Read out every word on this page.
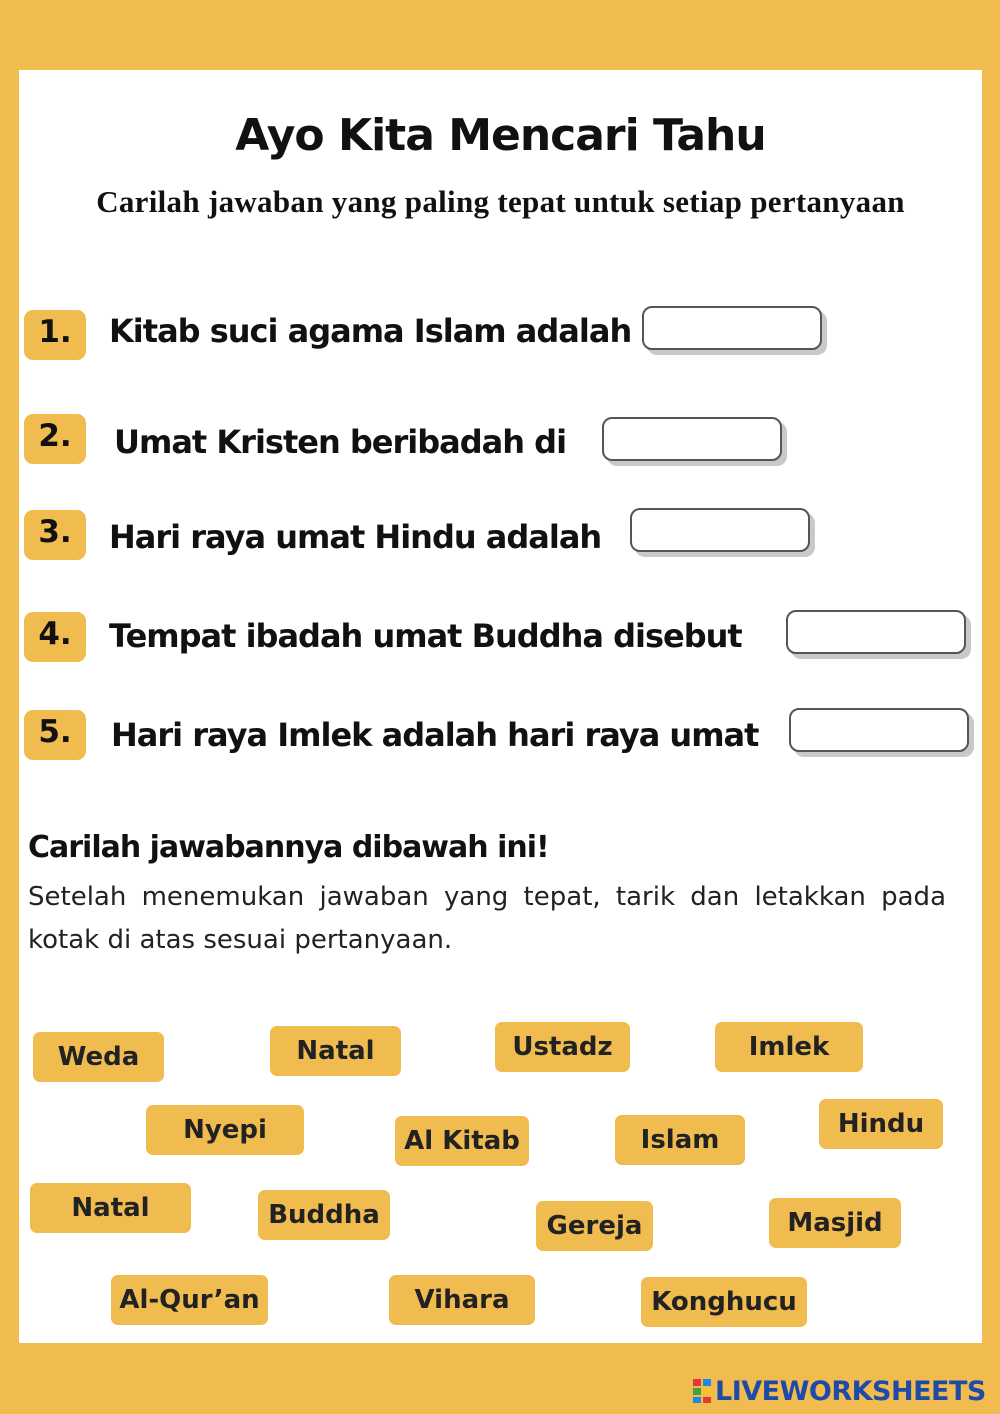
Ayo Kita Mencari Tahu

Carilah jawaban yang paling tepat untuk setiap pertanyaan

1.	Kitab suci agama Islam adalah
2.	Umat Kristen beribadah di
3.	Hari raya umat Hindu adalah
4.	Tempat ibadah umat Buddha disebut
5.	Hari raya Imlek adalah hari raya umat
Carilah jawabannya dibawah ini!
Setelah menemukan jawaban yang tepat, tarik dan letakkan pada kotak di atas sesuai pertanyaan.
Weda	Natal	Ustadz	Imlek
Nyepi	Al Kitab	Islam
Hindu
Natal	Buddha	Gereja	Masjid
Al-Qur’an	Vihara	Konghucu
LIVEWORKSHEETS
